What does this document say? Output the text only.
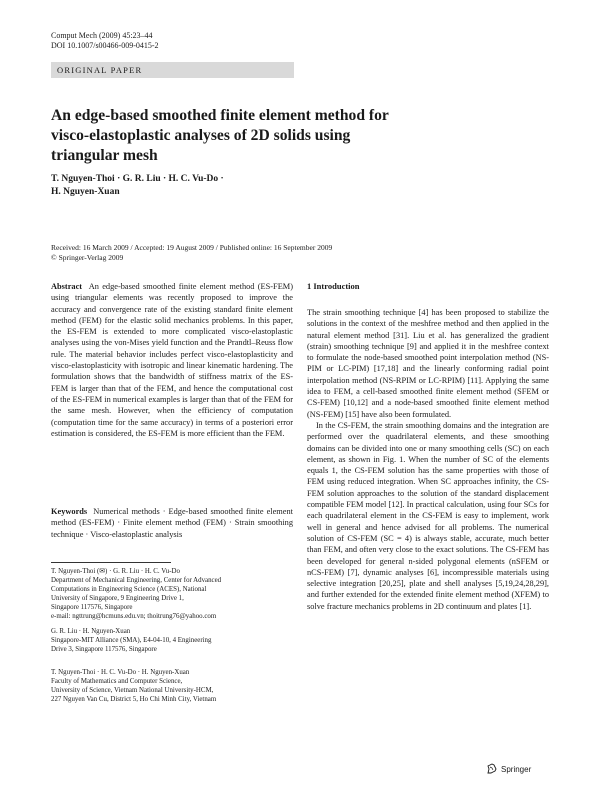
Comput Mech (2009) 45:23–44
DOI 10.1007/s00466-009-0415-2
ORIGINAL PAPER
An edge-based smoothed finite element method for visco-elastoplastic analyses of 2D solids using triangular mesh
T. Nguyen-Thoi · G. R. Liu · H. C. Vu-Do ·
H. Nguyen-Xuan
Received: 16 March 2009 / Accepted: 19 August 2009 / Published online: 16 September 2009
© Springer-Verlag 2009
Abstract An edge-based smoothed finite element method (ES-FEM) using triangular elements was recently proposed to improve the accuracy and convergence rate of the existing standard finite element method (FEM) for the elastic solid mechanics problems. In this paper, the ES-FEM is extended to more complicated visco-elastoplastic analyses using the von-Mises yield function and the Prandtl–Reuss flow rule. The material behavior includes perfect visco-elastoplasticity and visco-elastoplasticity with isotropic and linear kinematic hardening. The formulation shows that the bandwidth of stiffness matrix of the ES-FEM is larger than that of the FEM, and hence the computational cost of the ES-FEM in numerical examples is larger than that of the FEM for the same mesh. However, when the efficiency of computation (computation time for the same accuracy) in terms of a posteriori error estimation is considered, the ES-FEM is more efficient than the FEM.
Keywords Numerical methods · Edge-based smoothed finite element method (ES-FEM) · Finite element method (FEM) · Strain smoothing technique · Visco-elastoplastic analysis
T. Nguyen-Thoi (✉) · G. R. Liu · H. C. Vu-Do
Department of Mechanical Engineering, Center for Advanced
Computations in Engineering Science (ACES), National
University of Singapore, 9 Engineering Drive 1,
Singapore 117576, Singapore
e-mail: ngttrung@hcmuns.edu.vn; thoitrung76@yahoo.com
G. R. Liu · H. Nguyen-Xuan
Singapore-MIT Alliance (SMA), E4-04-10, 4 Engineering
Drive 3, Singapore 117576, Singapore
T. Nguyen-Thoi · H. C. Vu-Do · H. Nguyen-Xuan
Faculty of Mathematics and Computer Science,
University of Science, Vietnam National University-HCM,
227 Nguyen Van Cu, District 5, Ho Chi Minh City, Vietnam
1 Introduction

The strain smoothing technique [4] has been proposed to stabilize the solutions in the context of the meshfree method and then applied in the natural element method [31]. Liu et al. has generalized the gradient (strain) smoothing technique [9] and applied it in the meshfree context to formulate the node-based smoothed point interpolation method (NS-PIM or LC-PIM) [17,18] and the linearly conforming radial point interpolation method (NS-RPIM or LC-RPIM) [11]. Applying the same idea to FEM, a cell-based smoothed finite element method (SFEM or CS-FEM) [10,12] and a node-based smoothed finite element method (NS-FEM) [15] have also been formulated.

In the CS-FEM, the strain smoothing domains and the integration are performed over the quadrilateral elements, and these smoothing domains can be divided into one or many smoothing cells (SC) on each element, as shown in Fig. 1. When the number of SC of the elements equals 1, the CS-FEM solution has the same properties with those of FEM using reduced integration. When SC approaches infinity, the CS-FEM solution approaches to the solution of the standard displacement compatible FEM model [12]. In practical calculation, using four SCs for each quadrilateral element in the CS-FEM is easy to implement, work well in general and hence advised for all problems. The numerical solution of CS-FEM (SC = 4) is always stable, accurate, much better than FEM, and often very close to the exact solutions. The CS-FEM has been developed for general n-sided polygonal elements (nSFEM or nCS-FEM) [7], dynamic analyses [6], incompressible materials using selective integration [20,25], plate and shell analyses [5,19,24,28,29], and further extended for the extended finite element method (XFEM) to solve fracture mechanics problems in 2D continuum and plates [1].

Springer
